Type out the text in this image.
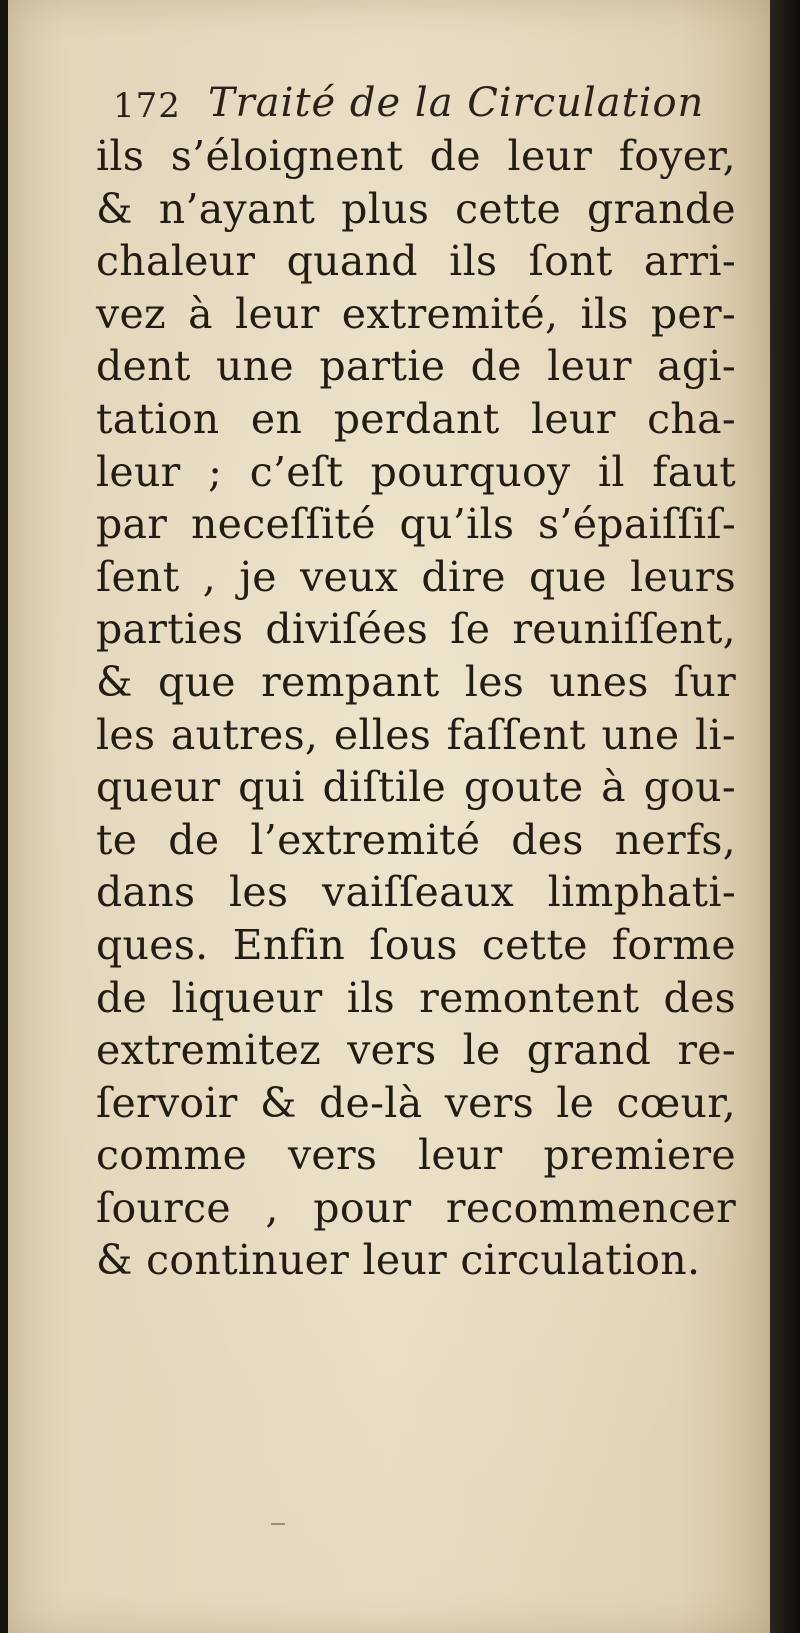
172 Traité de la Circulation
ils s’éloignent de leur foyer,
& n’ayant plus cette grande
chaleur quand ils ſont arri-
vez à leur extremité, ils per-
dent une partie de leur agi-
tation en perdant leur cha-
leur ; c’eſt pourquoy il faut
par neceſſité qu’ils s’épaiſſiſ-
ſent , je veux dire que leurs
parties diviſées ſe reuniſſent,
& que rempant les unes ſur
les autres, elles faſſent une li-
queur qui diſtile goute à gou-
te de l’extremité des nerfs,
dans les vaiſſeaux limphati-
ques. Enfin ſous cette forme
de liqueur ils remontent des
extremitez vers le grand re-
ſervoir & de-là vers le cœur,
comme vers leur premiere
ſource , pour recommencer
& continuer leur circulation.
